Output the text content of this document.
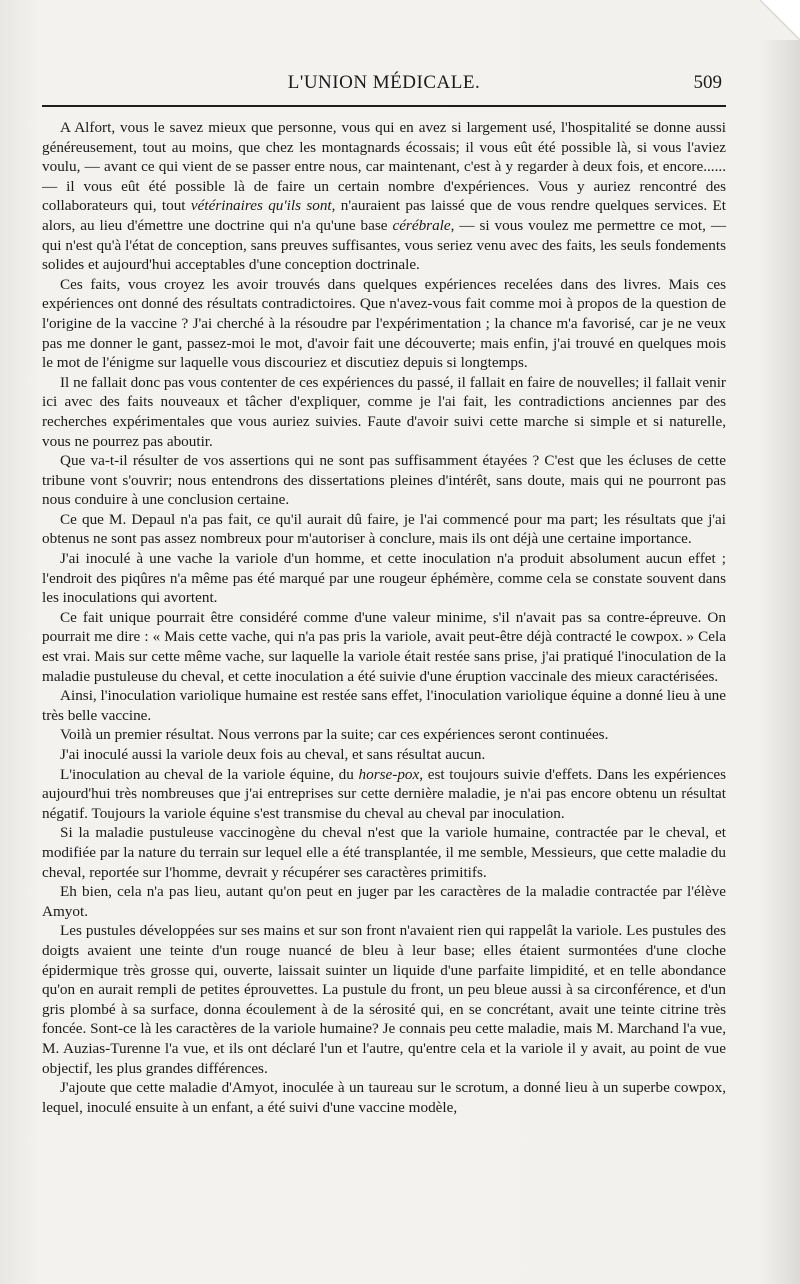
L'UNION MÉDICALE.	509

A Alfort, vous le savez mieux que personne, vous qui en avez si largement usé, l'hospitalité se donne aussi généreusement, tout au moins, que chez les montagnards écossais; il vous eût été possible là, si vous l'aviez voulu, — avant ce qui vient de se passer entre nous, car maintenant, c'est à y regarder à deux fois, et encore...... — il vous eût été possible là de faire un certain nombre d'expériences. Vous y auriez rencontré des collaborateurs qui, tout vétérinaires qu'ils sont, n'auraient pas laissé que de vous rendre quelques services. Et alors, au lieu d'émettre une doctrine qui n'a qu'une base cérébrale, — si vous voulez me permettre ce mot, — qui n'est qu'à l'état de conception, sans preuves suffisantes, vous seriez venu avec des faits, les seuls fondements solides et aujourd'hui acceptables d'une conception doctrinale.

Ces faits, vous croyez les avoir trouvés dans quelques expériences recelées dans des livres. Mais ces expériences ont donné des résultats contradictoires. Que n'avez-vous fait comme moi à propos de la question de l'origine de la vaccine ? J'ai cherché à la résoudre par l'expérimentation ; la chance m'a favorisé, car je ne veux pas me donner le gant, passez-moi le mot, d'avoir fait une découverte; mais enfin, j'ai trouvé en quelques mois le mot de l'énigme sur laquelle vous discouriez et discutiez depuis si longtemps.

Il ne fallait donc pas vous contenter de ces expériences du passé, il fallait en faire de nouvelles; il fallait venir ici avec des faits nouveaux et tâcher d'expliquer, comme je l'ai fait, les contradictions anciennes par des recherches expérimentales que vous auriez suivies. Faute d'avoir suivi cette marche si simple et si naturelle, vous ne pourrez pas aboutir.

Que va-t-il résulter de vos assertions qui ne sont pas suffisamment étayées ? C'est que les écluses de cette tribune vont s'ouvrir; nous entendrons des dissertations pleines d'intérêt, sans doute, mais qui ne pourront pas nous conduire à une conclusion certaine.

Ce que M. Depaul n'a pas fait, ce qu'il aurait dû faire, je l'ai commencé pour ma part; les résultats que j'ai obtenus ne sont pas assez nombreux pour m'autoriser à conclure, mais ils ont déjà une certaine importance.

J'ai inoculé à une vache la variole d'un homme, et cette inoculation n'a produit absolument aucun effet ; l'endroit des piqûres n'a même pas été marqué par une rougeur éphémère, comme cela se constate souvent dans les inoculations qui avortent.

Ce fait unique pourrait être considéré comme d'une valeur minime, s'il n'avait pas sa contre-épreuve. On pourrait me dire : « Mais cette vache, qui n'a pas pris la variole, avait peut-être déjà contracté le cowpox. » Cela est vrai. Mais sur cette même vache, sur laquelle la variole était restée sans prise, j'ai pratiqué l'inoculation de la maladie pustuleuse du cheval, et cette inoculation a été suivie d'une éruption vaccinale des mieux caractérisées.

Ainsi, l'inoculation variolique humaine est restée sans effet, l'inoculation variolique équine a donné lieu à une très belle vaccine.

Voilà un premier résultat. Nous verrons par la suite; car ces expériences seront continuées.

J'ai inoculé aussi la variole deux fois au cheval, et sans résultat aucun.

L'inoculation au cheval de la variole équine, du horse-pox, est toujours suivie d'effets. Dans les expériences aujourd'hui très nombreuses que j'ai entreprises sur cette dernière maladie, je n'ai pas encore obtenu un résultat négatif. Toujours la variole équine s'est transmise du cheval au cheval par inoculation.

Si la maladie pustuleuse vaccinogène du cheval n'est que la variole humaine, contractée par le cheval, et modifiée par la nature du terrain sur lequel elle a été transplantée, il me semble, Messieurs, que cette maladie du cheval, reportée sur l'homme, devrait y récupérer ses caractères primitifs.

Eh bien, cela n'a pas lieu, autant qu'on peut en juger par les caractères de la maladie contractée par l'élève Amyot.

Les pustules développées sur ses mains et sur son front n'avaient rien qui rappelât la variole. Les pustules des doigts avaient une teinte d'un rouge nuancé de bleu à leur base; elles étaient surmontées d'une cloche épidermique très grosse qui, ouverte, laissait suinter un liquide d'une parfaite limpidité, et en telle abondance qu'on en aurait rempli de petites éprouvettes. La pustule du front, un peu bleue aussi à sa circonférence, et d'un gris plombé à sa surface, donna écoulement à de la sérosité qui, en se concrétant, avait une teinte citrine très foncée. Sont-ce là les caractères de la variole humaine? Je connais peu cette maladie, mais M. Marchand l'a vue, M. Auzias-Turenne l'a vue, et ils ont déclaré l'un et l'autre, qu'entre cela et la variole il y avait, au point de vue objectif, les plus grandes différences.

J'ajoute que cette maladie d'Amyot, inoculée à un taureau sur le scrotum, a donné lieu à un superbe cowpox, lequel, inoculé ensuite à un enfant, a été suivi d'une vaccine modèle,
